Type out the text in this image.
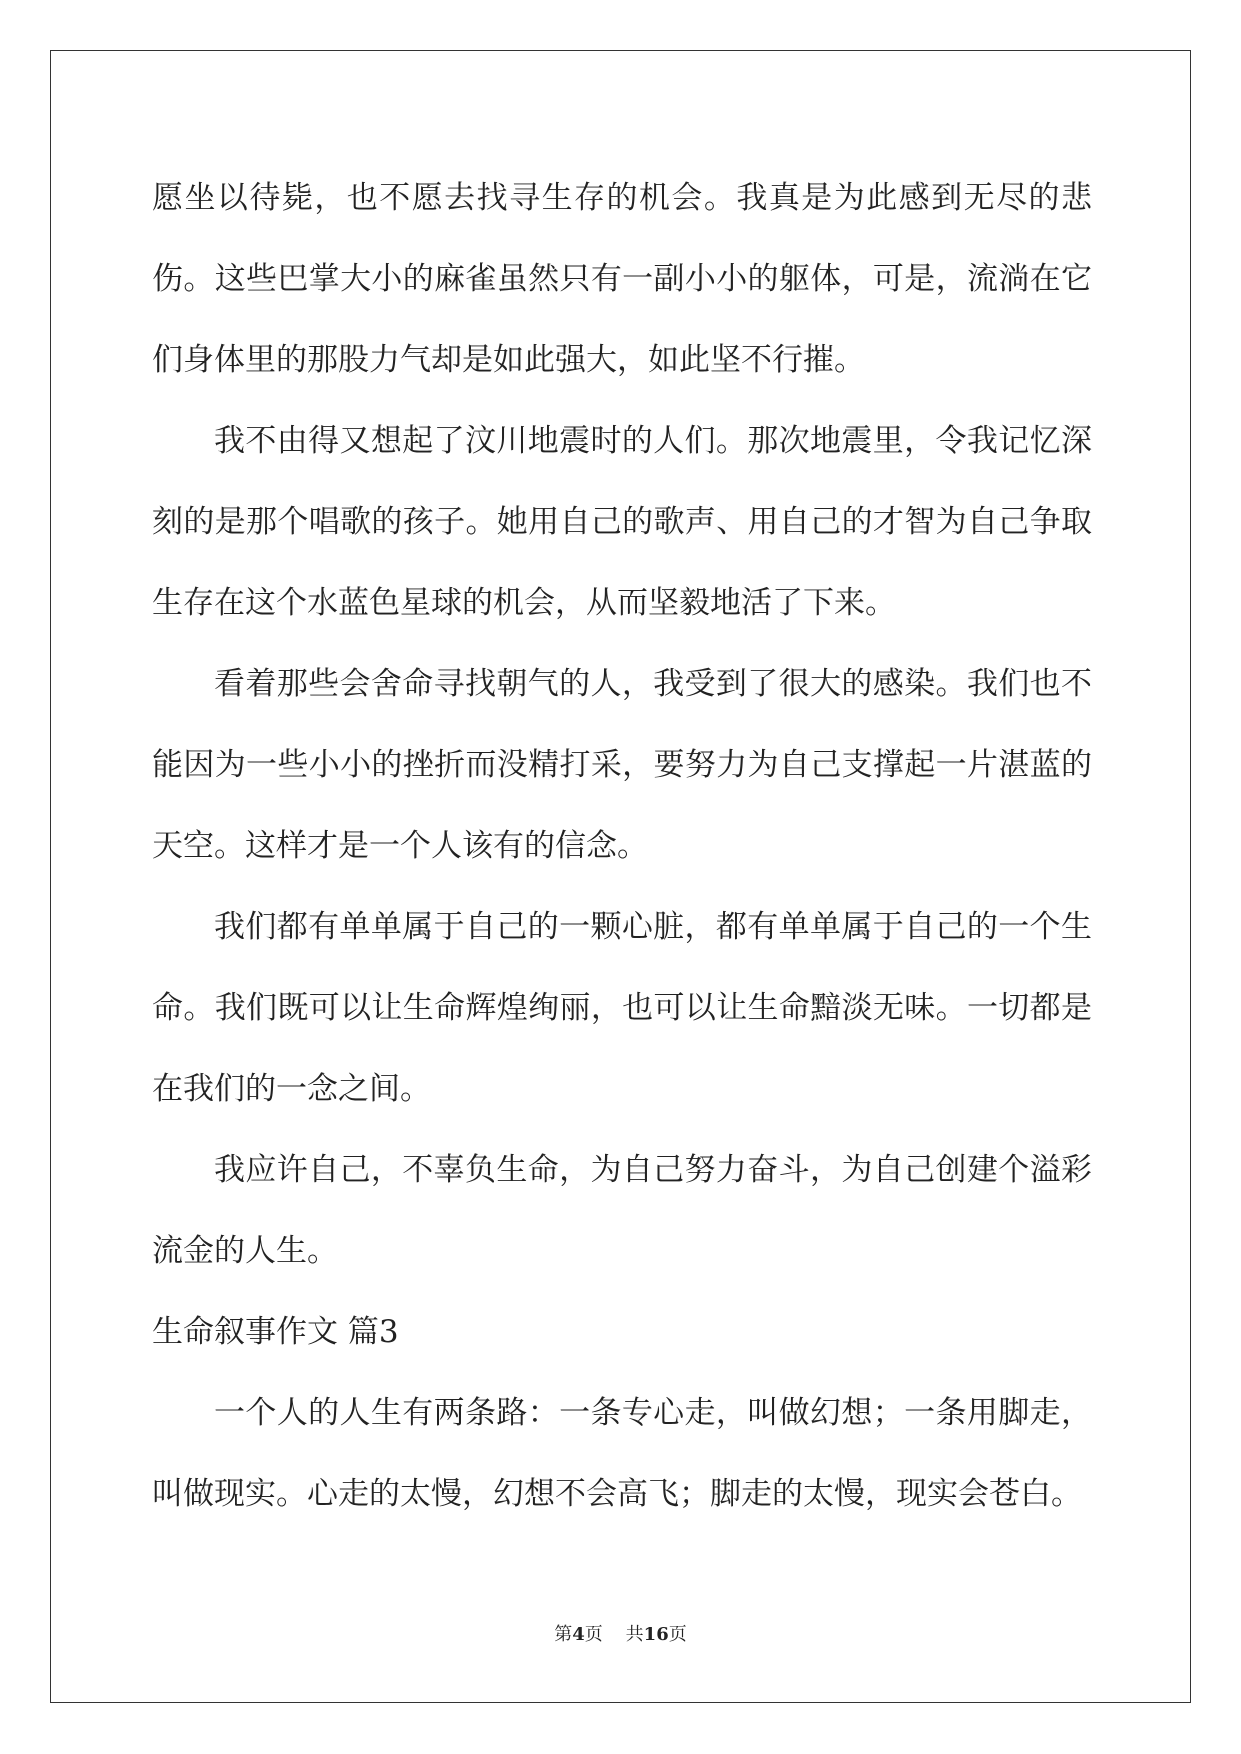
愿坐以待毙，也不愿去找寻生存的机会。我真是为此感到无尽的悲伤。这些巴掌大小的麻雀虽然只有一副小小的躯体，可是，流淌在它们身体里的那股力气却是如此强大，如此坚不行摧。

我不由得又想起了汶川地震时的人们。那次地震里，令我记忆深刻的是那个唱歌的孩子。她用自己的歌声、用自己的才智为自己争取生存在这个水蓝色星球的机会，从而坚毅地活了下来。

看着那些会舍命寻找朝气的人，我受到了很大的感染。我们也不能因为一些小小的挫折而没精打采，要努力为自己支撑起一片湛蓝的天空。这样才是一个人该有的信念。

我们都有单单属于自己的一颗心脏，都有单单属于自己的一个生命。我们既可以让生命辉煌绚丽，也可以让生命黯淡无味。一切都是在我们的一念之间。

我应许自己，不辜负生命，为自己努力奋斗，为自己创建个溢彩流金的人生。

生命叙事作文 篇3

一个人的人生有两条路：一条专心走，叫做幻想；一条用脚走，叫做现实。心走的太慢，幻想不会高飞；脚走的太慢，现实会苍白。

第4页    共16页
